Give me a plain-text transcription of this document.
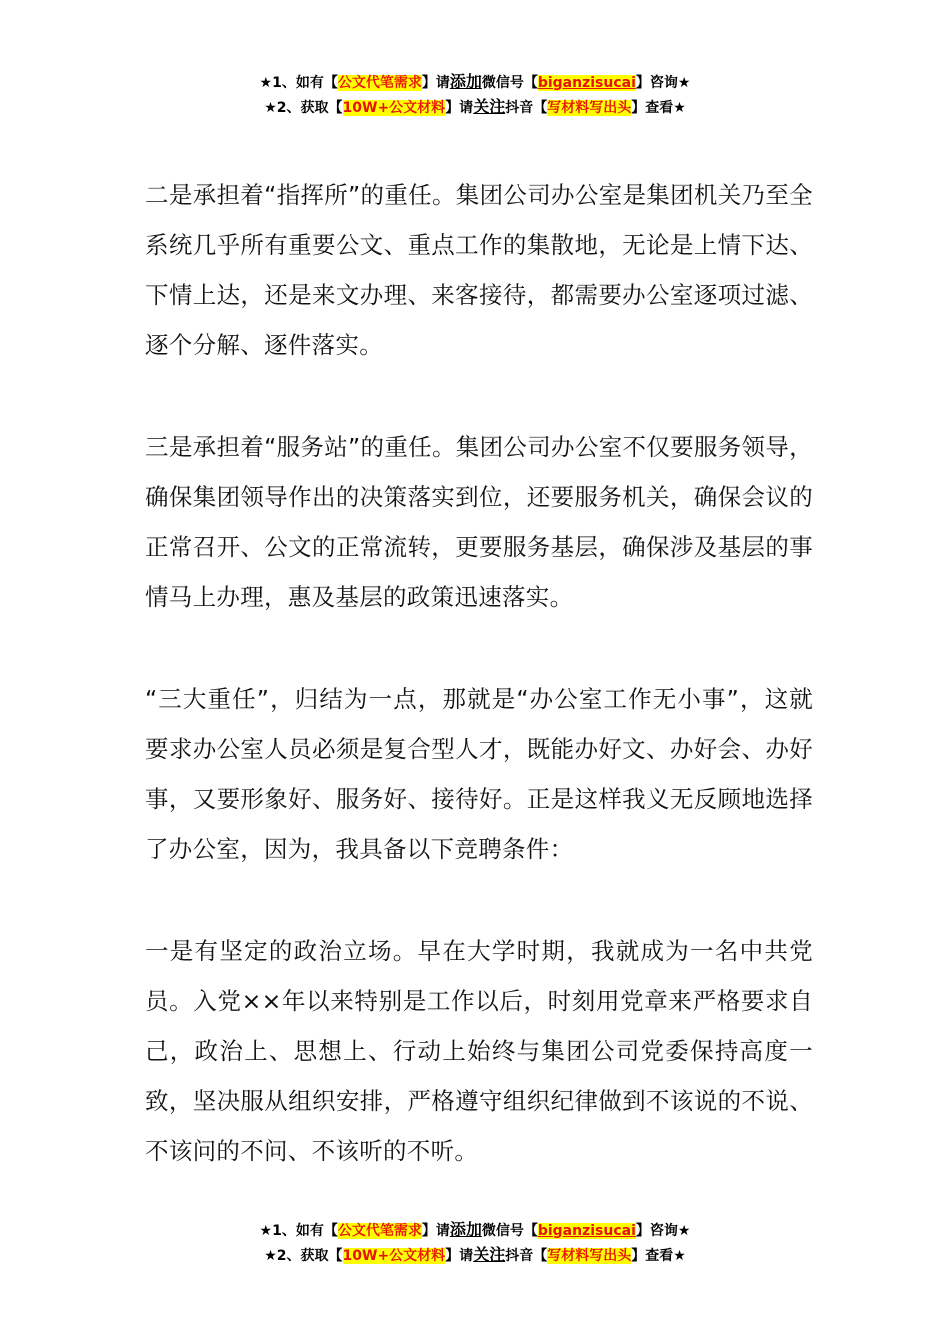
★1、如有【公文代笔需求】请添加微信号【biganzisucai】咨询★
★2、获取【10W+公文材料】请关注抖音【写材料写出头】查看★

二是承担着“指挥所”的重任。集团公司办公室是集团机关乃至全系统几乎所有重要公文、重点工作的集散地，无论是上情下达、下情上达，还是来文办理、来客接待，都需要办公室逐项过滤、逐个分解、逐件落实。

三是承担着“服务站”的重任。集团公司办公室不仅要服务领导，确保集团领导作出的决策落实到位，还要服务机关，确保会议的正常召开、公文的正常流转，更要服务基层，确保涉及基层的事情马上办理，惠及基层的政策迅速落实。

“三大重任”，归结为一点，那就是“办公室工作无小事”，这就要求办公室人员必须是复合型人才，既能办好文、办好会、办好事，又要形象好、服务好、接待好。正是这样我义无反顾地选择了办公室，因为，我具备以下竞聘条件：

一是有坚定的政治立场。早在大学时期，我就成为一名中共党员。入党××年以来特别是工作以后，时刻用党章来严格要求自己，政治上、思想上、行动上始终与集团公司党委保持高度一致，坚决服从组织安排，严格遵守组织纪律做到不该说的不说、不该问的不问、不该听的不听。

★1、如有【公文代笔需求】请添加微信号【biganzisucai】咨询★
★2、获取【10W+公文材料】请关注抖音【写材料写出头】查看★
